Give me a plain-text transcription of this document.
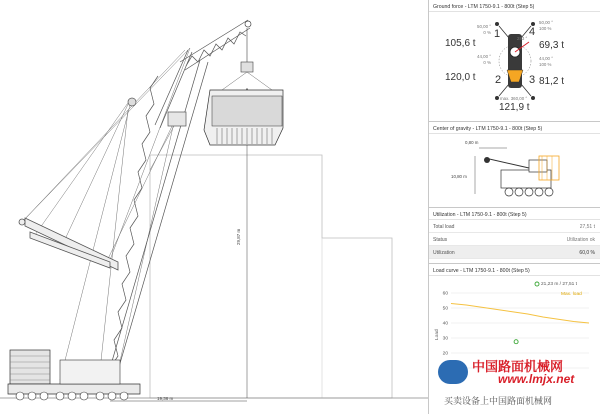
29,87 m
19,36 m
Ground force - LTM 1750-9.1 - 800t (Step 5)
50,00 °
0 % 1
105,6 t
44,00 °
0 %
2
120,0 t
50,00 °
100 %
4
69,3 t
44,00 °
100 %
3 81,2 t
283 °
max. 360,00 °
121,9 t
Center of gravity - LTM 1750-9.1 - 800t (Step 5)
0,80 m
10,80 m
Utilization - LTM 1750-9.1 - 800t (Step 5)
Total load	27,51 t
Status	Utilization ok
Utilization	60,0 %
Load curve - LTM 1750-9.1 - 800t (Step 5)
60
50
40
30
20
21,23 m / 27,51 t
Max. load
Load
中国路面机械网
www.lmjx.net
买卖设备上中国路面机械网
